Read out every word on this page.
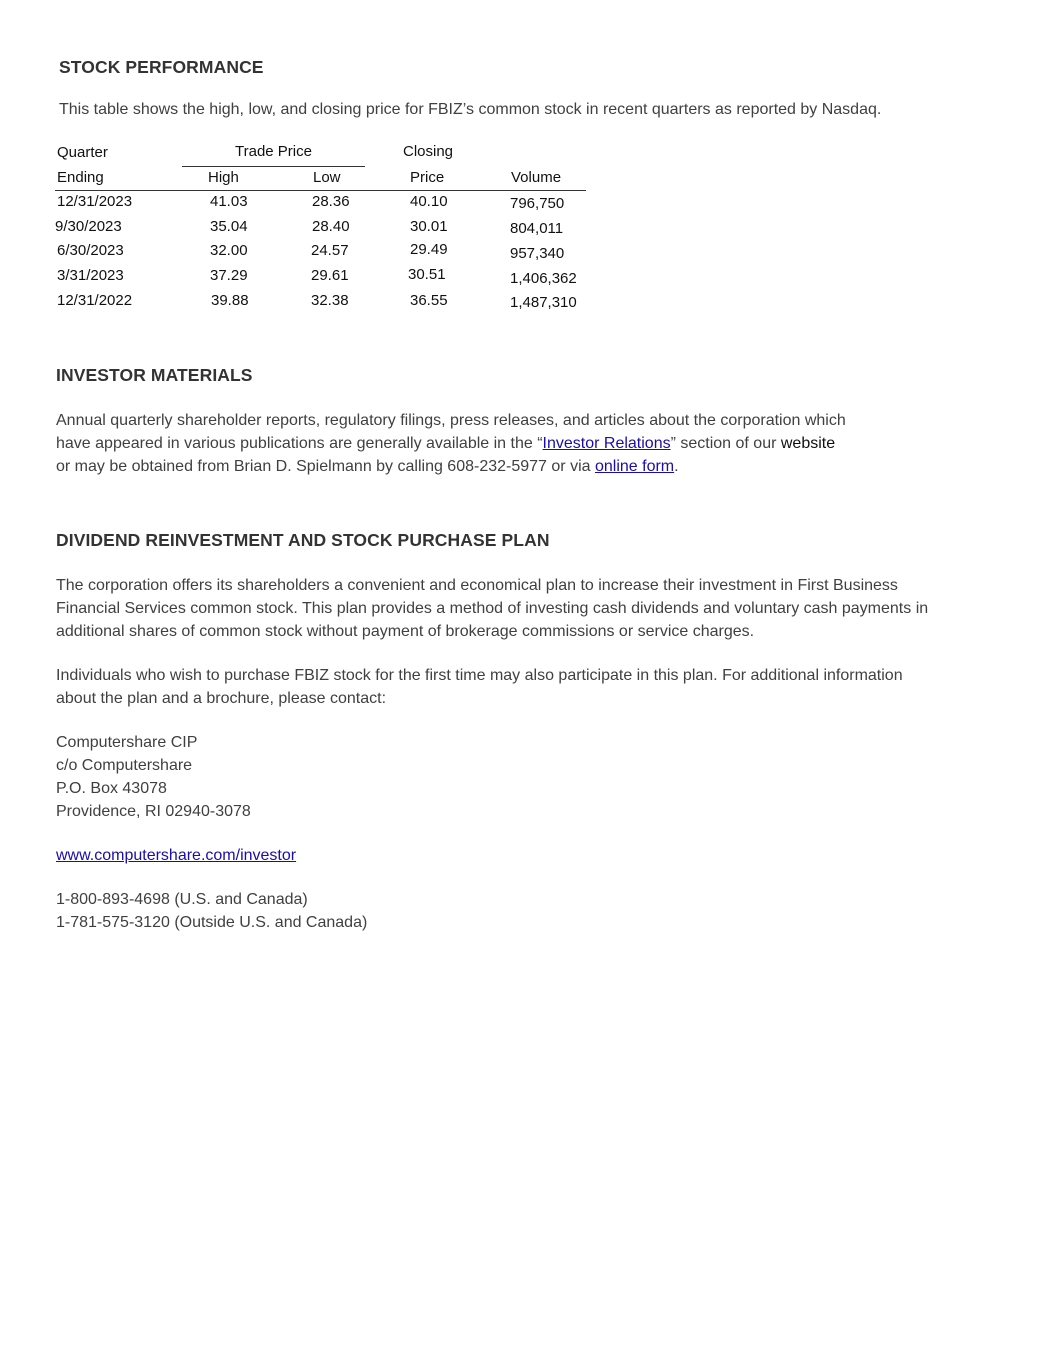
STOCK PERFORMANCE
This table shows the high, low, and closing price for FBIZ’s common stock in recent quarters as reported by Nasdaq.
Quarter	Trade Price	Closing
Ending	High	Low	Price	Volume
12/31/2023	41.03	28.36	40.10	796,750
9/30/2023	35.04	28.40	30.01	804,011
6/30/2023	32.00	24.57	29.49	957,340
3/31/2023	37.29	29.61	30.51	1,406,362
12/31/2022	39.88	32.38	36.55	1,487,310
INVESTOR MATERIALS
Annual quarterly shareholder reports, regulatory filings, press releases, and articles about the corporation which
have appeared in various publications are generally available in the “Investor Relations” section of our website
or may be obtained from Brian D. Spielmann by calling 608-232-5977 or via online form.
DIVIDEND REINVESTMENT AND STOCK PURCHASE PLAN
The corporation offers its shareholders a convenient and economical plan to increase their investment in First Business
Financial Services common stock. This plan provides a method of investing cash dividends and voluntary cash payments in
additional shares of common stock without payment of brokerage commissions or service charges.
Individuals who wish to purchase FBIZ stock for the first time may also participate in this plan. For additional information
about the plan and a brochure, please contact:
Computershare CIP
c/o Computershare
P.O. Box 43078
Providence, RI 02940-3078
www.computershare.com/investor
1-800-893-4698 (U.S. and Canada)
1-781-575-3120 (Outside U.S. and Canada)
